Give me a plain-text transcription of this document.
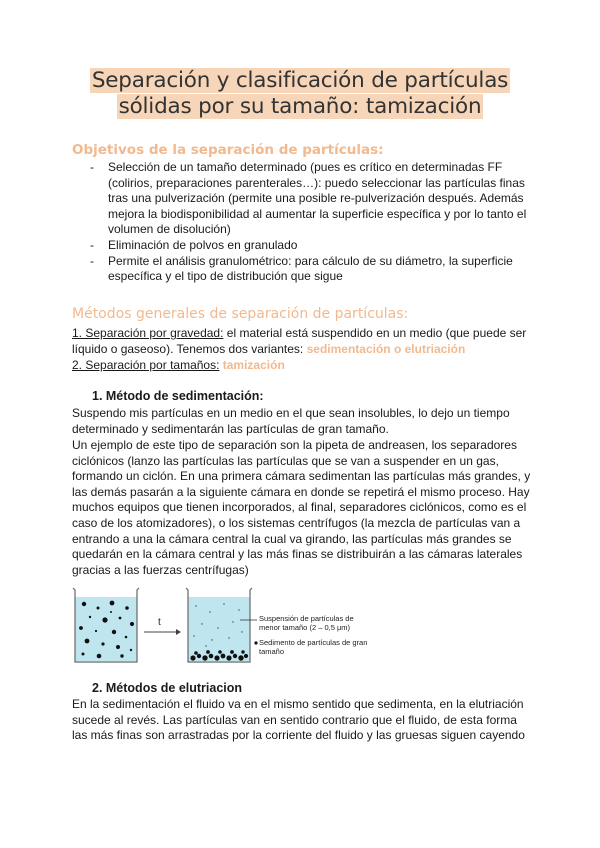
Separación y clasificación de partículas sólidas por su tamaño: tamización
Objetivos de la separación de partículas:
- Selección de un tamaño determinado (pues es crítico en determinadas FF (colirios, preparaciones parenterales…): puedo seleccionar las partículas finas tras una pulverización (permite una posible re-pulverización después. Además mejora la biodisponibilidad al aumentar la superficie específica y por lo tanto el volumen de disolución)
- Eliminación de polvos en granulado
- Permite el análisis granulométrico: para cálculo de su diámetro, la superficie específica y el tipo de distribución que sigue
Métodos generales de separación de partículas:
1. Separación por gravedad: el material está suspendido en un medio (que puede ser líquido o gaseoso). Tenemos dos variantes: sedimentación o elutriación
2. Separación por tamaños: tamización
1. Método de sedimentación:
Suspendo mis partículas en un medio en el que sean insolubles, lo dejo un tiempo determinado y sedimentarán las partículas de gran tamaño.
Un ejemplo de este tipo de separación son la pipeta de andreasen, los separadores ciclónicos (lanzo las partículas las partículas que se van a suspender en un gas, formando un ciclón. En una primera cámara sedimentan las partículas más grandes, y las demás pasarán a la siguiente cámara en donde se repetirá el mismo proceso. Hay muchos equipos que tienen incorporados, al final, separadores ciclónicos, como es el caso de los atomizadores), o los sistemas centrífugos (la mezcla de partículas van a entrando a una la cámara central la cual va girando, las partículas más grandes se quedarán en la cámara central y las más finas se distribuirán a las cámaras laterales gracias a las fuerzas centrífugas)
t	Suspensión de partículas de menor tamaño (2 – 0,5 μm)
Sedimento de partículas de gran tamaño
2. Métodos de elutriacion
En la sedimentación el fluido va en el mismo sentido que sedimenta, en la elutriación sucede al revés. Las partículas van en sentido contrario que el fluido, de esta forma las más finas son arrastradas por la corriente del fluido y las gruesas siguen cayendo
